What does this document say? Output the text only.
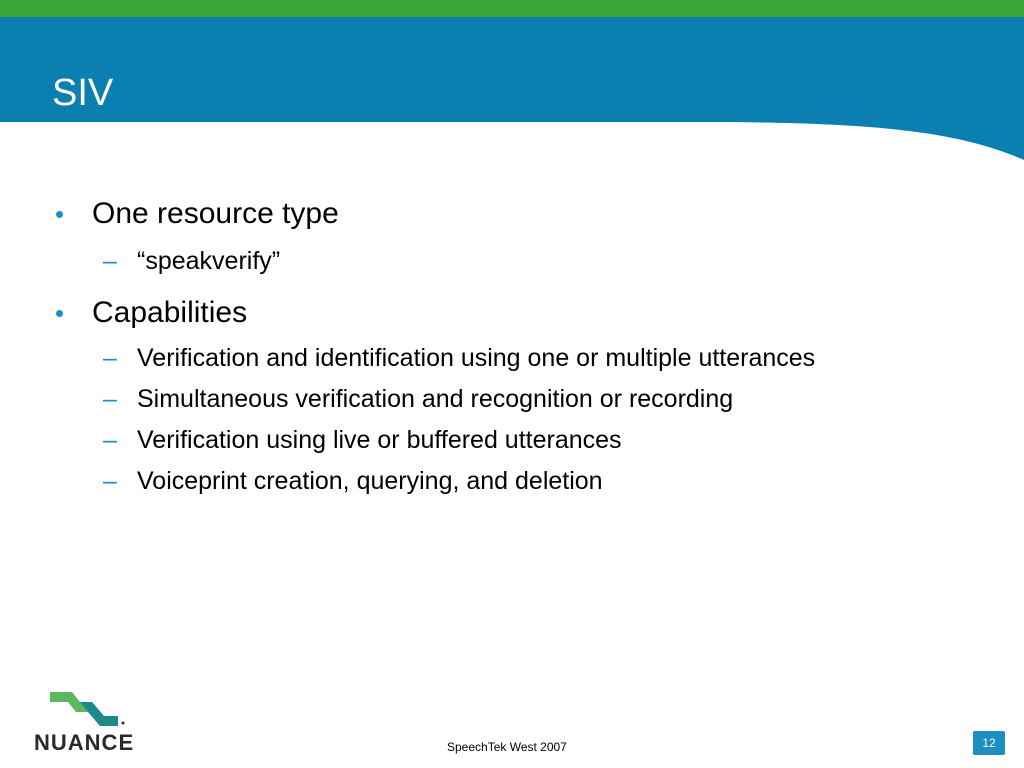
SIV
• One resource type
– “speakverify”
• Capabilities
– Verification and identification using one or multiple utterances
– Simultaneous verification and recognition or recording
– Verification using live or buffered utterances
– Voiceprint creation, querying, and deletion
NUANCE	SpeechTek West 2007	12
